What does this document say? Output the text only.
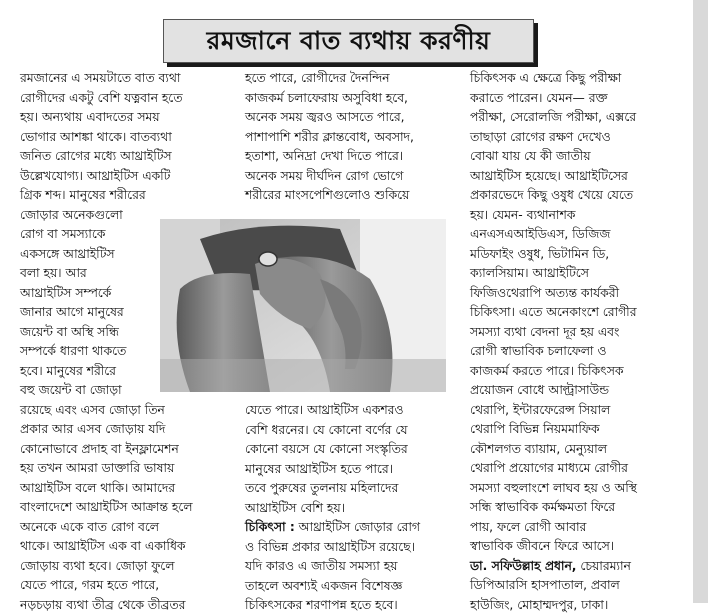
রমজানে বাত ব্যথায় করণীয়

রমজানের এ সময়টাতে বাত ব্যথা

রোগীদের একটু বেশি যত্নবান হতে

হয়। অন্যথায় এবাদতের সময়

ভোগার আশঙ্কা থাকে। বাতব্যথা

জনিত রোগের মধ্যে আথ্রাইটিস

উল্লেখযোগ্য। আথ্রাইটিস একটি

গ্রিক শব্দ। মানুষের শরীরের

জোড়ার অনেকগুলো

রোগ বা সমস্যাকে

একসঙ্গে আথ্রাইটিস

বলা হয়। আর

আথ্রাইটিস সম্পর্কে

জানার আগে মানুষের

জয়েন্ট বা অস্থি সন্ধি

সম্পর্কে ধারণা থাকতে

হবে। মানুষের শরীরে

বহু জয়েন্ট বা জোড়া

রয়েছে এবং এসব জোড়া তিন

প্রকার আর এসব জোড়ায় যদি

কোনোভাবে প্রদাহ বা ইনফ্লামেশন

হয় তখন আমরা ডাক্তারি ভাষায়

আথ্রাইটিস বলে থাকি। আমাদের

বাংলাদেশে আথ্রাইটিস আক্রান্ত হলে

অনেকে একে বাত রোগ বলে

থাকে। আথ্রাইটিস এক বা একাধিক

জোড়ায় ব্যথা হবে। জোড়া ফুলে

যেতে পারে, গরম হতে পারে,

নড়চড়ায় ব্যথা তীব্র থেকে তীব্রতর

হতে পারে, রোগীদের দৈনন্দিন

কাজকর্ম চলাফেরায় অসুবিধা হবে,

অনেক সময় জ্বরও আসতে পারে,

পাশাপাশি শরীর ক্লান্তবোধ, অবসাদ,

হতাশা, অনিদ্রা দেখা দিতে পারে।

অনেক সময় দীর্ঘদিন রোগ ভোগে

শরীরের মাংসপেশিগুলোও শুকিয়ে

যেতে পারে। আথ্রাইটিস একশরও

বেশি ধরনের। যে কোনো বর্ণের যে

কোনো বয়সে যে কোনো সংস্কৃতির

মানুষের আথ্রাইটিস হতে পারে।

তবে পুরুষের তুলনায় মহিলাদের

আথ্রাইটিস বেশি হয়।

চিকিৎসা : আথ্রাইটিস জোড়ার রোগ

ও বিভিন্ন প্রকার আথ্রাইটিস রয়েছে।

যদি কারও এ জাতীয় সমস্যা হয়

তাহলে অবশ্যই একজন বিশেষজ্ঞ

চিকিৎসকের শরণাপন্ন হতে হবে।

চিকিৎসক এ ক্ষেত্রে কিছু পরীক্ষা

করাতে পারেন। যেমন— রক্ত

পরীক্ষা, সেরোলজি পরীক্ষা, এক্সরে

তাছাড়া রোগের রক্ষণ দেখেও

বোঝা যায় যে কী জাতীয়

আথ্রাইটিস হয়েছে। আথ্রাইটিসের

প্রকারভেদে কিছু ওষুধ খেয়ে যেতে

হয়। যেমন- ব্যথানাশক

এনএসএআইডিএস, ডিজিজ

মডিফাইং ওষুধ, ভিটামিন ডি,

ক্যালসিয়াম। আথ্রাইটিসে

ফিজিওথেরাপি অত্যন্ত কার্যকরী

চিকিৎসা। এতে অনেকাংশে রোগীর

সমস্যা ব্যথা বেদনা দূর হয় এবং

রোগী স্বাভাবিক চলাফেলা ও

কাজকর্ম করতে পারে। চিকিৎসক

প্রয়োজন বোধে আল্ট্রাসাউন্ড

থেরাপি, ইন্টারফেরেন্স সিয়াল

থেরাপি বিভিন্ন নিয়মমাফিক

কৌশলগত ব্যায়াম, মেন্যুয়াল

থেরাপি প্রয়োগের মাধ্যমে রোগীর

সমস্যা বহুলাংশে লাঘব হয় ও অস্থি

সন্ধি স্বাভাবিক কর্মক্ষমতা ফিরে

পায়, ফলে রোগী আবার

স্বাভাবিক জীবনে ফিরে আসে।

ডা. সফিউল্লাহ প্রধান, চেয়ারম্যান

ডিপিআরসি হাসপাতাল, প্রবাল

হাউজিং, মোহাম্মদপুর, ঢাকা।
